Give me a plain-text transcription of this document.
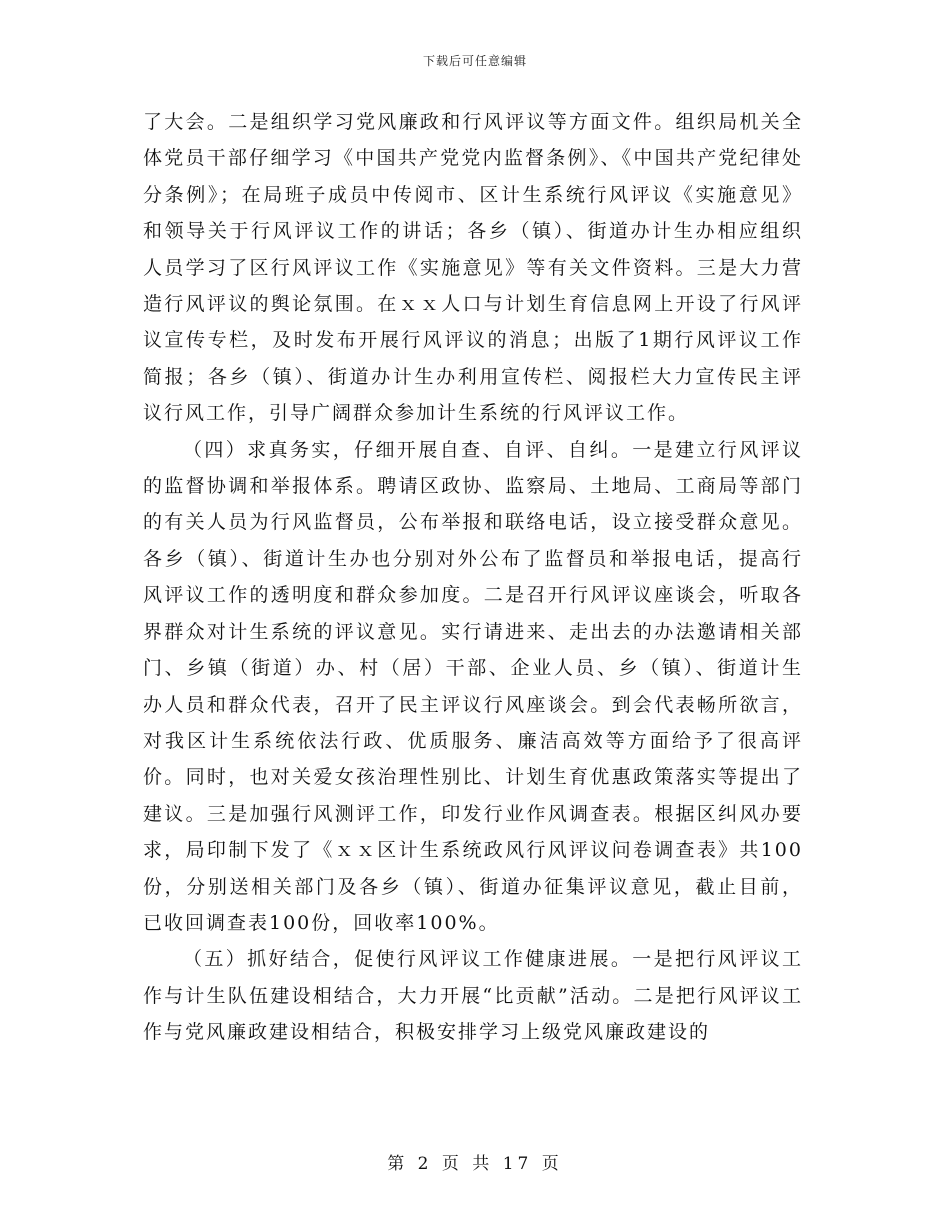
下载后可任意编辑

了大会。二是组织学习党风廉政和行风评议等方面文件。组织局机关全体党员干部仔细学习《中国共产党党内监督条例》、《中国共产党纪律处分条例》；在局班子成员中传阅市、区计生系统行风评议《实施意见》和领导关于行风评议工作的讲话；各乡（镇）、街道办计生办相应组织人员学习了区行风评议工作《实施意见》等有关文件资料。三是大力营造行风评议的舆论氛围。在ｘｘ人口与计划生育信息网上开设了行风评议宣传专栏，及时发布开展行风评议的消息；出版了1期行风评议工作简报；各乡（镇）、街道办计生办利用宣传栏、阅报栏大力宣传民主评议行风工作，引导广阔群众参加计生系统的行风评议工作。

（四）求真务实，仔细开展自查、自评、自纠。一是建立行风评议的监督协调和举报体系。聘请区政协、监察局、土地局、工商局等部门的有关人员为行风监督员，公布举报和联络电话，设立接受群众意见。各乡（镇）、街道计生办也分别对外公布了监督员和举报电话，提高行风评议工作的透明度和群众参加度。二是召开行风评议座谈会，听取各界群众对计生系统的评议意见。实行请进来、走出去的办法邀请相关部门、乡镇（街道）办、村（居）干部、企业人员、乡（镇）、街道计生办人员和群众代表，召开了民主评议行风座谈会。到会代表畅所欲言，对我区计生系统依法行政、优质服务、廉洁高效等方面给予了很高评价。同时，也对关爱女孩治理性别比、计划生育优惠政策落实等提出了建议。三是加强行风测评工作，印发行业作风调查表。根据区纠风办要求，局印制下发了《ｘｘ区计生系统政风行风评议问卷调查表》共100份，分别送相关部门及各乡（镇）、街道办征集评议意见，截止目前，已收回调查表100份，回收率100%。

（五）抓好结合，促使行风评议工作健康进展。一是把行风评议工作与计生队伍建设相结合，大力开展“比贡献”活动。二是把行风评议工作与党风廉政建设相结合，积极安排学习上级党风廉政建设的

第 2 页 共 17 页
